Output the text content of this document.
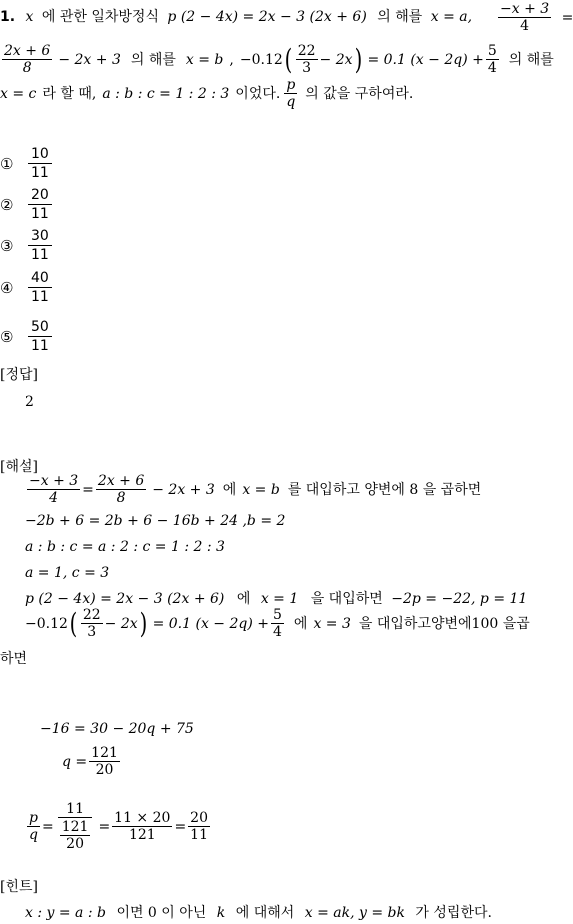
1. x 에 관한 일차방정식 p (2 − 4x) = 2x − 3 (2x + 6) 의 해를 x = a, $\frac{-x + 3}{4}$ =
$\frac{2x + 6}{8} - 2x + 3$ 의 해를 x = b , −0.12 ( $\frac{22}{3} - 2x$ ) = 0.1 $(x - 2q) + \frac{5}{4}$ 의 해를
x = c 라 할 때, a : b : c = 1 : 2 : 3 이었다. $\frac{p}{q}$ 의 값을 구하여라.
①	$\frac{10}{11}$
②	$\frac{20}{11}$
③	$\frac{30}{11}$
④	$\frac{40}{11}$
⑤	$\frac{50}{11}$
[정답]
2
[해설]
$\frac{-x + 3}{4} = \frac{2x + 6}{8} - 2x + 3$ 에 x = b 를 대입하고 양변에 8 을 곱하면
−2b + 6 = 2b + 6 − 16b + 24 ,b = 2
a : b : c = a : 2 : c = 1 : 2 : 3
a = 1, c = 3
p (2 − 4x) = 2x − 3 (2x + 6) 에 x = 1 을 대입하면 −2p = −22, p = 11
−0.12 ( $\frac{22}{3} - 2x$ ) = 0.1 $(x - 2q) + \frac{5}{4}$ 에 x = 3 을 대입하고양변에100 을곱
하면
−16 = 30 − 20q + 75
$q = \frac{121}{20}$
$\frac{p}{q} = \frac{11}{\frac{121}{20}} = \frac{11 \times 20}{121} = \frac{20}{11}$
[힌트]
x : y = a : b 이면 0 이 아닌 k 에 대해서 x = ak, y = bk 가 성립한다.
